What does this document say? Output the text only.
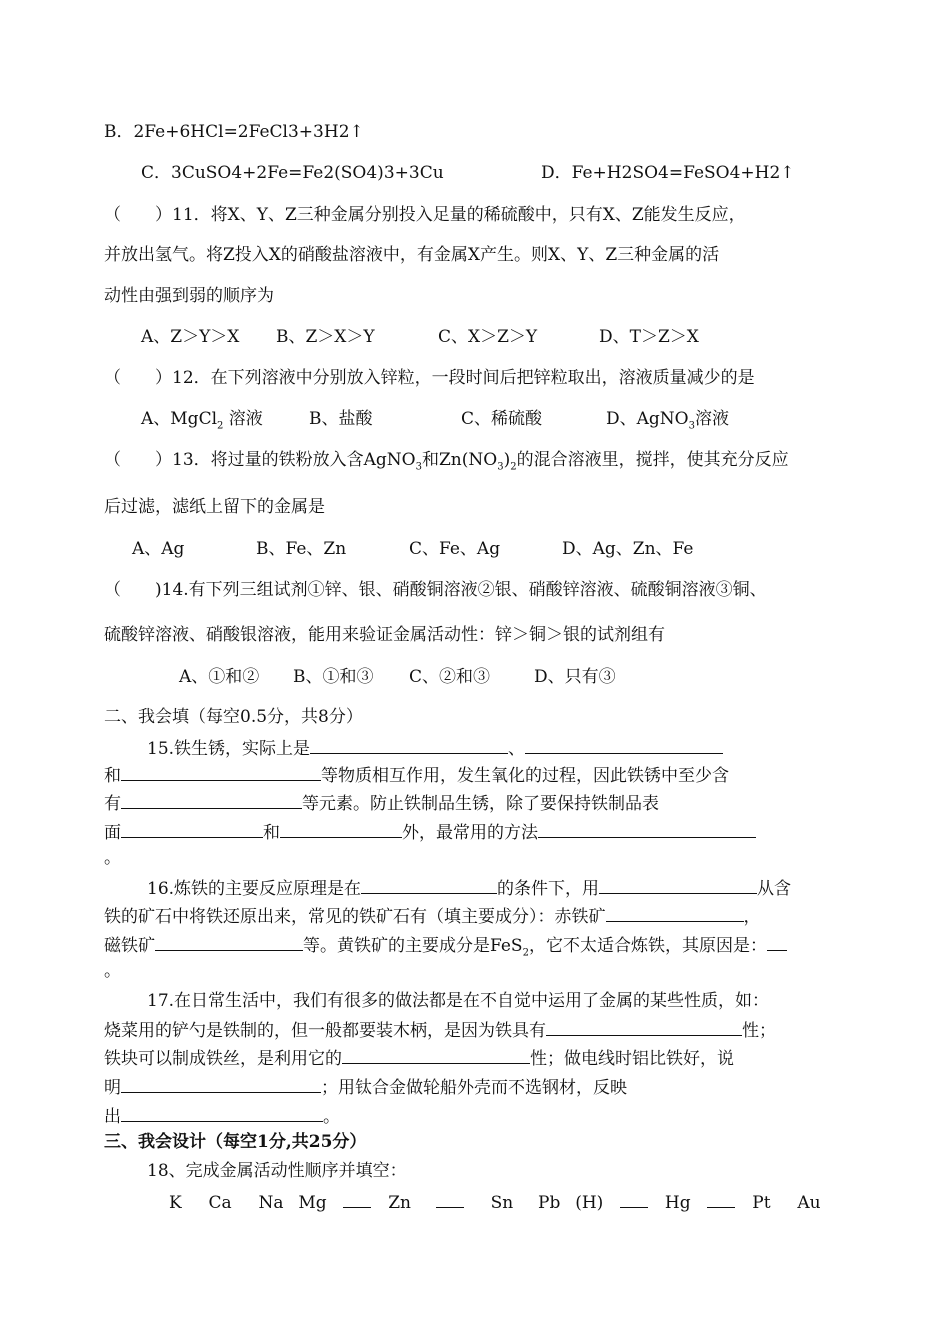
B．2Fe+6HCl=2FeCl3+3H2↑
C．3CuSO4+2Fe=Fe2(SO4)3+3Cu	D．Fe+H2SO4=FeSO4+H2↑
（　　）11．将X、Y、Z三种金属分别投入足量的稀硫酸中，只有X、Z能发生反应，
并放出氢气。将Z投入X的硝酸盐溶液中，有金属X产生。则X、Y、Z三种金属的活
动性由强到弱的顺序为
A、Z＞Y＞X B、Z＞X＞Y	C、X＞Z＞Y	D、T＞Z＞X
（　　）12．在下列溶液中分别放入锌粒，一段时间后把锌粒取出，溶液质量减少的是
A、MgCl$_2$ 溶液	B、盐酸	C、稀硫酸	D、AgNO$_3$溶液
（　　）13．将过量的铁粉放入含AgNO$_3$和$Zn(NO_3)_2$的混合溶液里，搅拌，使其充分反应
后过滤，滤纸上留下的金属是
A、Ag	B、Fe、Zn	C、Fe、Ag	D、Ag、Zn、Fe
（　　)14.有下列三组试剂①锌、银、硝酸铜溶液②银、硝酸锌溶液、硫酸铜溶液③铜、
硫酸锌溶液、硝酸银溶液，能用来验证金属活动性：锌＞铜＞银的试剂组有
A、①和② B、①和③ C、②和③	D、只有③
二、我会填（每空0.5分，共8分）
15.铁生锈，实际上是	、
和	等物质相互作用，发生氧化的过程，因此铁锈中至少含
有	等元素。防止铁制品生锈，除了要保持铁制品表
面	和	外，最常用的方法
。
16.炼铁的主要反应原理是在	的条件下，用	从含
铁的矿石中将铁还原出来，常见的铁矿石有（填主要成分）：赤铁矿	，
磁铁矿	等。黄铁矿的主要成分是FeS$_2$，它不太适合炼铁，其原因是：
。
17.在日常生活中，我们有很多的做法都是在不自觉中运用了金属的某些性质，如：
烧菜用的铲勺是铁制的，但一般都要装木柄，是因为铁具有	性；
铁块可以制成铁丝，是利用它的	性；做电线时铝比铁好，说
明	；用钛合金做轮船外壳而不选钢材，反映
出	。
三、我会设计（每空1分,共25分）
18、完成金属活动性顺序并填空：
K Ca Na Mg	Zn	Sn Pb (H)	Hg	Pt Au
